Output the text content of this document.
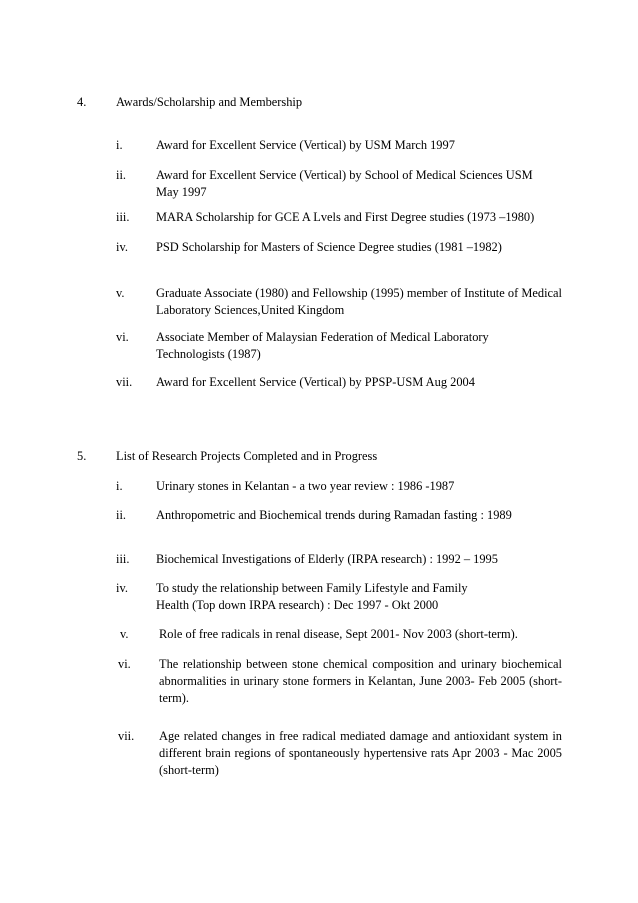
4. Awards/Scholarship and Membership
i.	Award for Excellent Service (Vertical) by USM March 1997
ii. Award for Excellent Service (Vertical) by School of Medical Sciences USM
May 1997
iii. MARA Scholarship for GCE A Lvels and First Degree studies (1973 –1980)
iv. PSD Scholarship for Masters of Science Degree studies (1981 –1982)
v.	Graduate Associate (1980) and Fellowship (1995) member of Institute of Medical Laboratory Sciences,United Kingdom
vi. Associate Member of Malaysian Federation of Medical Laboratory
Technologists (1987)
vii. Award for Excellent Service (Vertical) by PPSP-USM Aug 2004
5. List of Research Projects Completed and in Progress
i.	Urinary stones in Kelantan - a two year review : 1986 -1987
ii. Anthropometric and Biochemical trends during Ramadan fasting : 1989
iii. Biochemical Investigations of Elderly (IRPA research) : 1992 – 1995
iv. To study the relationship between Family Lifestyle and Family
Health (Top down IRPA research) : Dec 1997 - Okt 2000
v. Role of free radicals in renal disease, Sept 2001- Nov 2003 (short-term).
vi. The relationship between stone chemical composition and urinary biochemical abnormalities in urinary stone formers in Kelantan, June 2003- Feb 2005 (short-term).
vii. Age related changes in free radical mediated damage and antioxidant system in different brain regions of spontaneously hypertensive rats Apr 2003 - Mac 2005 (short-term)
